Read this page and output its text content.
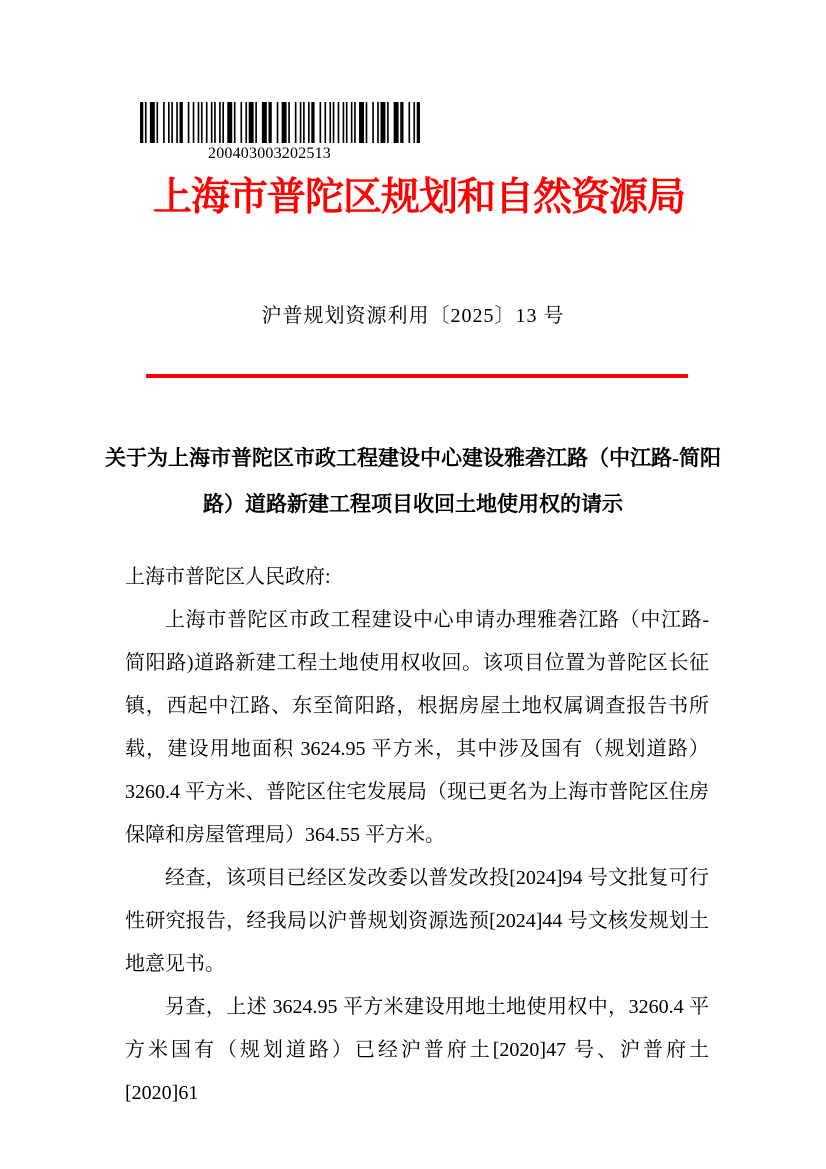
200403003202513
上海市普陀区规划和自然资源局
沪普规划资源利用〔2025〕13 号
关于为上海市普陀区市政工程建设中心建设雅砻江路（中江路-简阳
路）道路新建工程项目收回土地使用权的请示

上海市普陀区人民政府:

上海市普陀区市政工程建设中心申请办理雅砻江路（中江路-简阳路)道路新建工程土地使用权收回。该项目位置为普陀区长征镇，西起中江路、东至简阳路，根据房屋土地权属调查报告书所载，建设用地面积 3624.95 平方米，其中涉及国有（规划道路）3260.4 平方米、普陀区住宅发展局（现已更名为上海市普陀区住房保障和房屋管理局）364.55 平方米。

经查，该项目已经区发改委以普发改投[2024]94 号文批复可行性研究报告，经我局以沪普规划资源选预[2024]44 号文核发规划土地意见书。

另查，上述 3624.95 平方米建设用地土地使用权中，3260.4 平方米国有（规划道路）已经沪普府土[2020]47 号、沪普府土[2020]61
